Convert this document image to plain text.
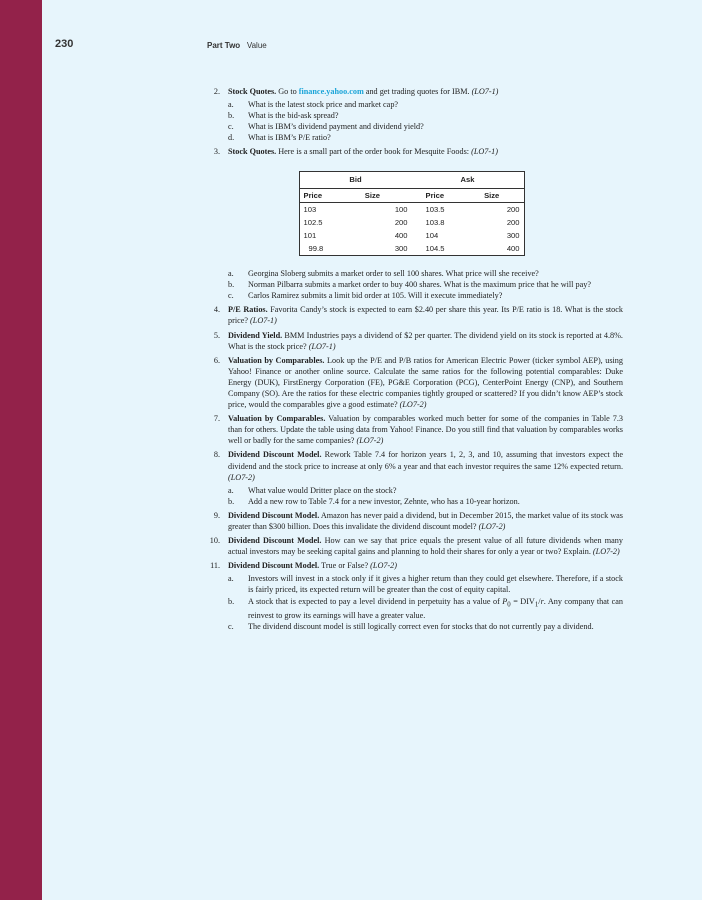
230	Part Two Value
2. Stock Quotes. Go to finance.yahoo.com and get trading quotes for IBM. (LO7-1)
a. What is the latest stock price and market cap?
b. What is the bid-ask spread?
c. What is IBM’s dividend payment and dividend yield?
d. What is IBM’s P/E ratio?
3. Stock Quotes. Here is a small part of the order book for Mesquite Foods: (LO7-1)
Bid		Ask	
Price	Size	Price	Size
103	100	103.5	200
102.5	200	103.8	200
101	400	104	300
99.8	300	104.5	400
a. Georgina Sloberg submits a market order to sell 100 shares. What price will she receive?
b. Norman Pilbarra submits a market order to buy 400 shares. What is the maximum price that he will pay?
c. Carlos Ramirez submits a limit bid order at 105. Will it execute immediately?
4. P/E Ratios. Favorita Candy’s stock is expected to earn $2.40 per share this year. Its P/E ratio is 18. What is the stock price? (LO7-1)
5. Dividend Yield. BMM Industries pays a dividend of $2 per quarter. The dividend yield on its stock is reported at 4.8%. What is the stock price? (LO7-1)
6. Valuation by Comparables. Look up the P/E and P/B ratios for American Electric Power (ticker symbol AEP), using Yahoo! Finance or another online source. Calculate the same ratios for the following potential comparables: Duke Energy (DUK), FirstEnergy Corporation (FE), PG&E Corporation (PCG), CenterPoint Energy (CNP), and Southern Company (SO). Are the ratios for these electric companies tightly grouped or scattered? If you didn’t know AEP’s stock price, would the comparables give a good estimate? (LO7-2)
7. Valuation by Comparables. Valuation by comparables worked much better for some of the companies in Table 7.3 than for others. Update the table using data from Yahoo! Finance. Do you still find that valuation by comparables works well or badly for the same companies? (LO7-2)
8. Dividend Discount Model. Rework Table 7.4 for horizon years 1, 2, 3, and 10, assuming that investors expect the dividend and the stock price to increase at only 6% a year and that each investor requires the same 12% expected return. (LO7-2)
a. What value would Dritter place on the stock?
b. Add a new row to Table 7.4 for a new investor, Zehnte, who has a 10-year horizon.
9. Dividend Discount Model. Amazon has never paid a dividend, but in December 2015, the market value of its stock was greater than $300 billion. Does this invalidate the dividend discount model? (LO7-2)
10. Dividend Discount Model. How can we say that price equals the present value of all future dividends when many actual investors may be seeking capital gains and planning to hold their shares for only a year or two? Explain. (LO7-2)
11. Dividend Discount Model. True or False? (LO7-2)
a. Investors will invest in a stock only if it gives a higher return than they could get elsewhere. Therefore, if a stock is fairly priced, its expected return will be greater than the cost of equity capital.
b. A stock that is expected to pay a level dividend in perpetuity has a value of $P_0 = DIV_1/r$. Any company that can reinvest to grow its earnings will have a greater value.
c. The dividend discount model is still logically correct even for stocks that do not currently pay a dividend.
